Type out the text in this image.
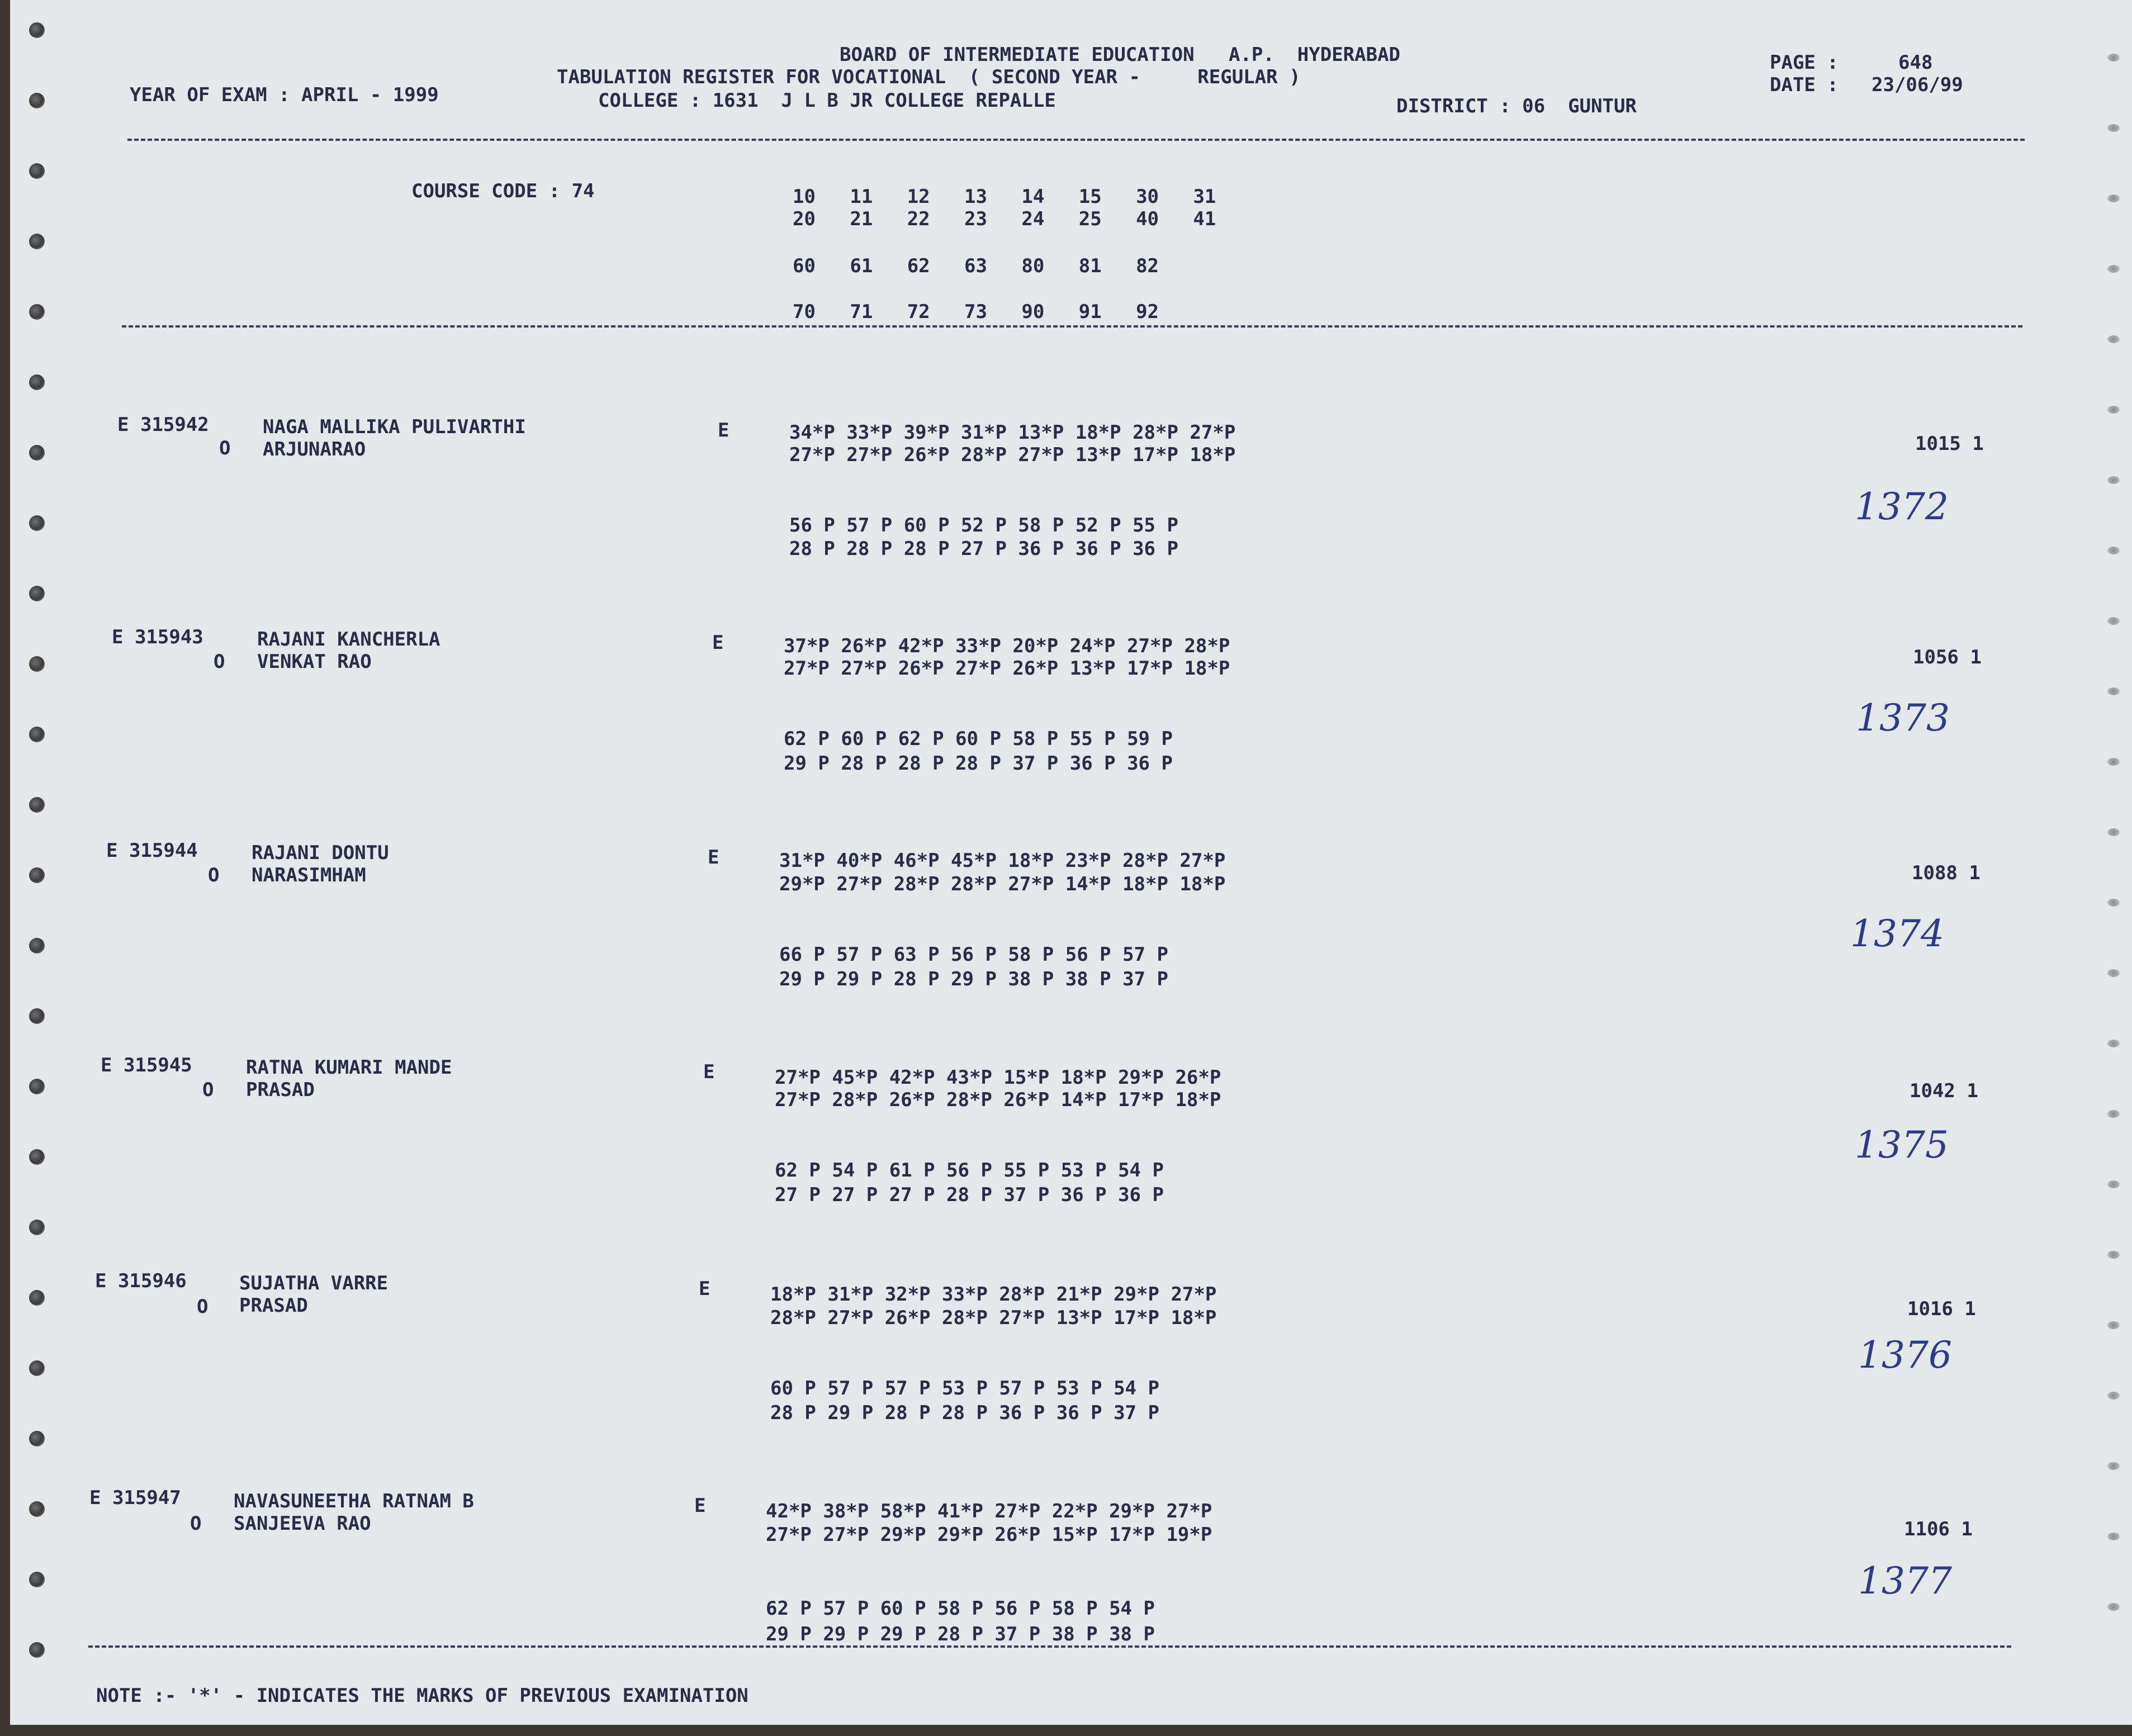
BOARD OF INTERMEDIATE EDUCATION   A.P.  HYDERABAD
TABULATION REGISTER FOR VOCATIONAL  ( SECOND YEAR -     REGULAR )
COLLEGE : 1631  J L B JR COLLEGE REPALLE
YEAR OF EXAM : APRIL - 1999	DISTRICT : 06  GUNTUR
PAGE :	648
DATE : 23/06/99
COURSE CODE : 74	10   11   12   13   14   15   30   31
20   21   22   23   24   25   40   41
60   61   62   63   80   81   82
70   71   72   73   90   91   92
E 315942	NAGA MALLIKA PULIVARTHI
O ARJUNARAO
E	34*P 33*P 39*P 31*P 13*P 18*P 28*P 27*P
27*P 27*P 26*P 28*P 27*P 13*P 17*P 18*P
56 P 57 P 60 P 52 P 58 P 52 P 55 P
28 P 28 P 28 P 27 P 36 P 36 P 36 P
1015 1
1372
E 315943	RAJANI KANCHERLA
O VENKAT RAO
E	37*P 26*P 42*P 33*P 20*P 24*P 27*P 28*P
27*P 27*P 26*P 27*P 26*P 13*P 17*P 18*P
62 P 60 P 62 P 60 P 58 P 55 P 59 P
29 P 28 P 28 P 28 P 37 P 36 P 36 P
1056 1
1373
E 315944	RAJANI DONTU
O NARASIMHAM
E	31*P 40*P 46*P 45*P 18*P 23*P 28*P 27*P
29*P 27*P 28*P 28*P 27*P 14*P 18*P 18*P
66 P 57 P 63 P 56 P 58 P 56 P 57 P
29 P 29 P 28 P 29 P 38 P 38 P 37 P
1088 1
1374
E 315945	RATNA KUMARI MANDE
O PRASAD
E	27*P 45*P 42*P 43*P 15*P 18*P 29*P 26*P
27*P 28*P 26*P 28*P 26*P 14*P 17*P 18*P
62 P 54 P 61 P 56 P 55 P 53 P 54 P
27 P 27 P 27 P 28 P 37 P 36 P 36 P
1042 1
1375
E 315946	SUJATHA VARRE
O PRASAD
E	18*P 31*P 32*P 33*P 28*P 21*P 29*P 27*P
28*P 27*P 26*P 28*P 27*P 13*P 17*P 18*P
60 P 57 P 57 P 53 P 57 P 53 P 54 P
28 P 29 P 28 P 28 P 36 P 36 P 37 P
1016 1
1376
E 315947	NAVASUNEETHA RATNAM B
O SANJEEVA RAO
E	42*P 38*P 58*P 41*P 27*P 22*P 29*P 27*P
27*P 27*P 29*P 29*P 26*P 15*P 17*P 19*P
62 P 57 P 60 P 58 P 56 P 58 P 54 P
29 P 29 P 29 P 28 P 37 P 38 P 38 P
1106 1
1377
NOTE :- '*' - INDICATES THE MARKS OF PREVIOUS EXAMINATION
